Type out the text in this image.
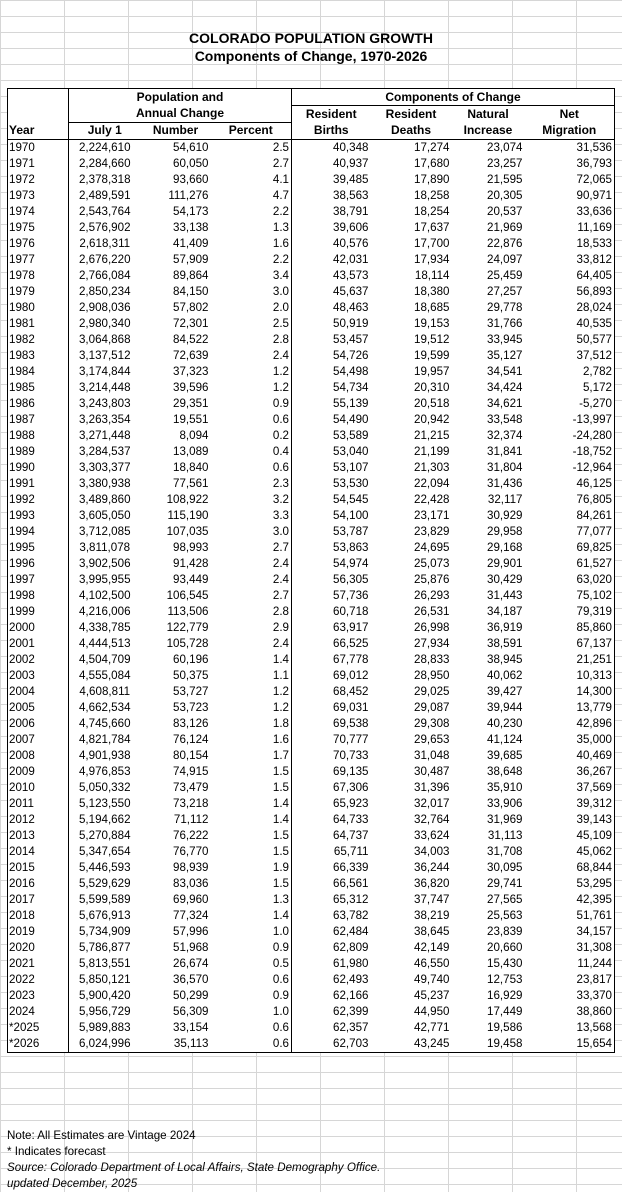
COLORADO POPULATION GROWTH
Components of Change, 1970-2026
	Population and			Components of Change			
	Annual Change			Resident	Resident	Natural	Net
Year	July 1	Number	Percent	Births	Deaths	Increase	Migration
1970	2,224,610	54,610	2.5	40,348	17,274	23,074	31,536
1971	2,284,660	60,050	2.7	40,937	17,680	23,257	36,793
1972	2,378,318	93,660	4.1	39,485	17,890	21,595	72,065
1973	2,489,591	111,276	4.7	38,563	18,258	20,305	90,971
1974	2,543,764	54,173	2.2	38,791	18,254	20,537	33,636
1975	2,576,902	33,138	1.3	39,606	17,637	21,969	11,169
1976	2,618,311	41,409	1.6	40,576	17,700	22,876	18,533
1977	2,676,220	57,909	2.2	42,031	17,934	24,097	33,812
1978	2,766,084	89,864	3.4	43,573	18,114	25,459	64,405
1979	2,850,234	84,150	3.0	45,637	18,380	27,257	56,893
1980	2,908,036	57,802	2.0	48,463	18,685	29,778	28,024
1981	2,980,340	72,301	2.5	50,919	19,153	31,766	40,535
1982	3,064,868	84,522	2.8	53,457	19,512	33,945	50,577
1983	3,137,512	72,639	2.4	54,726	19,599	35,127	37,512
1984	3,174,844	37,323	1.2	54,498	19,957	34,541	2,782
1985	3,214,448	39,596	1.2	54,734	20,310	34,424	5,172
1986	3,243,803	29,351	0.9	55,139	20,518	34,621	-5,270
1987	3,263,354	19,551	0.6	54,490	20,942	33,548	-13,997
1988	3,271,448	8,094	0.2	53,589	21,215	32,374	-24,280
1989	3,284,537	13,089	0.4	53,040	21,199	31,841	-18,752
1990	3,303,377	18,840	0.6	53,107	21,303	31,804	-12,964
1991	3,380,938	77,561	2.3	53,530	22,094	31,436	46,125
1992	3,489,860	108,922	3.2	54,545	22,428	32,117	76,805
1993	3,605,050	115,190	3.3	54,100	23,171	30,929	84,261
1994	3,712,085	107,035	3.0	53,787	23,829	29,958	77,077
1995	3,811,078	98,993	2.7	53,863	24,695	29,168	69,825
1996	3,902,506	91,428	2.4	54,974	25,073	29,901	61,527
1997	3,995,955	93,449	2.4	56,305	25,876	30,429	63,020
1998	4,102,500	106,545	2.7	57,736	26,293	31,443	75,102
1999	4,216,006	113,506	2.8	60,718	26,531	34,187	79,319
2000	4,338,785	122,779	2.9	63,917	26,998	36,919	85,860
2001	4,444,513	105,728	2.4	66,525	27,934	38,591	67,137
2002	4,504,709	60,196	1.4	67,778	28,833	38,945	21,251
2003	4,555,084	50,375	1.1	69,012	28,950	40,062	10,313
2004	4,608,811	53,727	1.2	68,452	29,025	39,427	14,300
2005	4,662,534	53,723	1.2	69,031	29,087	39,944	13,779
2006	4,745,660	83,126	1.8	69,538	29,308	40,230	42,896
2007	4,821,784	76,124	1.6	70,777	29,653	41,124	35,000
2008	4,901,938	80,154	1.7	70,733	31,048	39,685	40,469
2009	4,976,853	74,915	1.5	69,135	30,487	38,648	36,267
2010	5,050,332	73,479	1.5	67,306	31,396	35,910	37,569
2011	5,123,550	73,218	1.4	65,923	32,017	33,906	39,312
2012	5,194,662	71,112	1.4	64,733	32,764	31,969	39,143
2013	5,270,884	76,222	1.5	64,737	33,624	31,113	45,109
2014	5,347,654	76,770	1.5	65,711	34,003	31,708	45,062
2015	5,446,593	98,939	1.9	66,339	36,244	30,095	68,844
2016	5,529,629	83,036	1.5	66,561	36,820	29,741	53,295
2017	5,599,589	69,960	1.3	65,312	37,747	27,565	42,395
2018	5,676,913	77,324	1.4	63,782	38,219	25,563	51,761
2019	5,734,909	57,996	1.0	62,484	38,645	23,839	34,157
2020	5,786,877	51,968	0.9	62,809	42,149	20,660	31,308
2021	5,813,551	26,674	0.5	61,980	46,550	15,430	11,244
2022	5,850,121	36,570	0.6	62,493	49,740	12,753	23,817
2023	5,900,420	50,299	0.9	62,166	45,237	16,929	33,370
2024	5,956,729	56,309	1.0	62,399	44,950	17,449	38,860
*2025	5,989,883	33,154	0.6	62,357	42,771	19,586	13,568
*2026	6,024,996	35,113	0.6	62,703	43,245	19,458	15,654
Note: All Estimates are Vintage 2024
* Indicates forecast
Source: Colorado Department of Local Affairs, State Demography Office.
updated December, 2025
